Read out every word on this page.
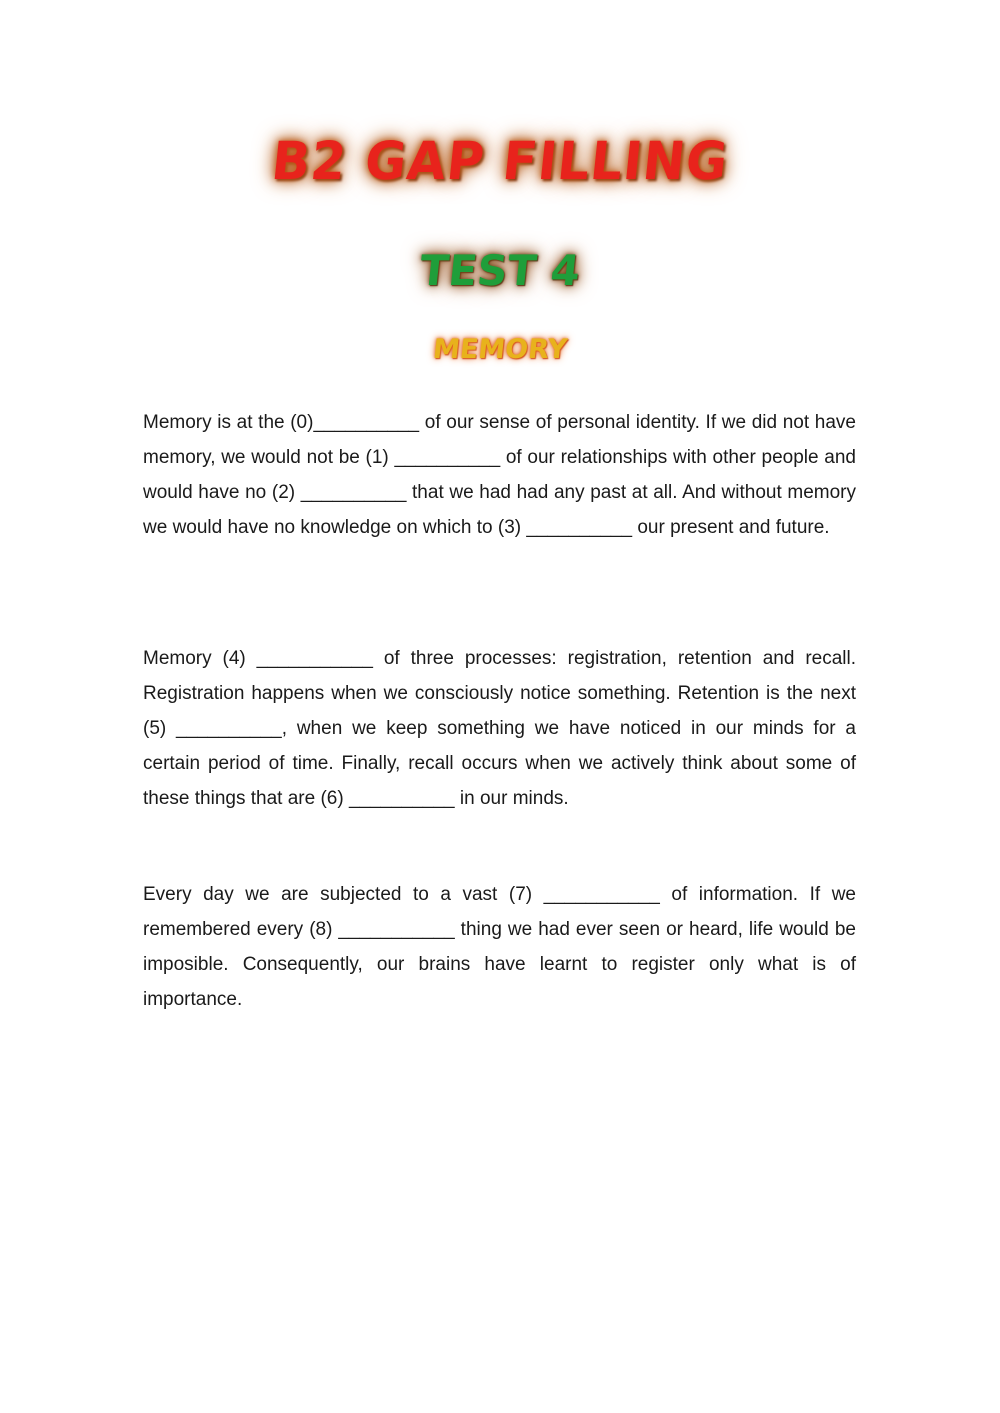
B2 GAP FILLING
TEST 4
MEMORY

Memory is at the (0)__________ of our sense of personal identity. If we did not have memory, we would not be (1) __________ of our relationships with other people and would have no (2) __________ that we had had any past at all. And without memory we would have no knowledge on which to (3) __________ our present and future.

Memory (4) ___________ of three processes: registration, retention and recall. Registration happens when we consciously notice something. Retention is the next (5) __________, when we keep something we have noticed in our minds for a certain period of time. Finally, recall occurs when we actively think about some of these things that are (6) __________ in our minds.

Every day we are subjected to a vast (7) ___________ of information. If we remembered every (8) ___________ thing we had ever seen or heard, life would be imposible. Consequently, our brains have learnt to register only what is of importance.
